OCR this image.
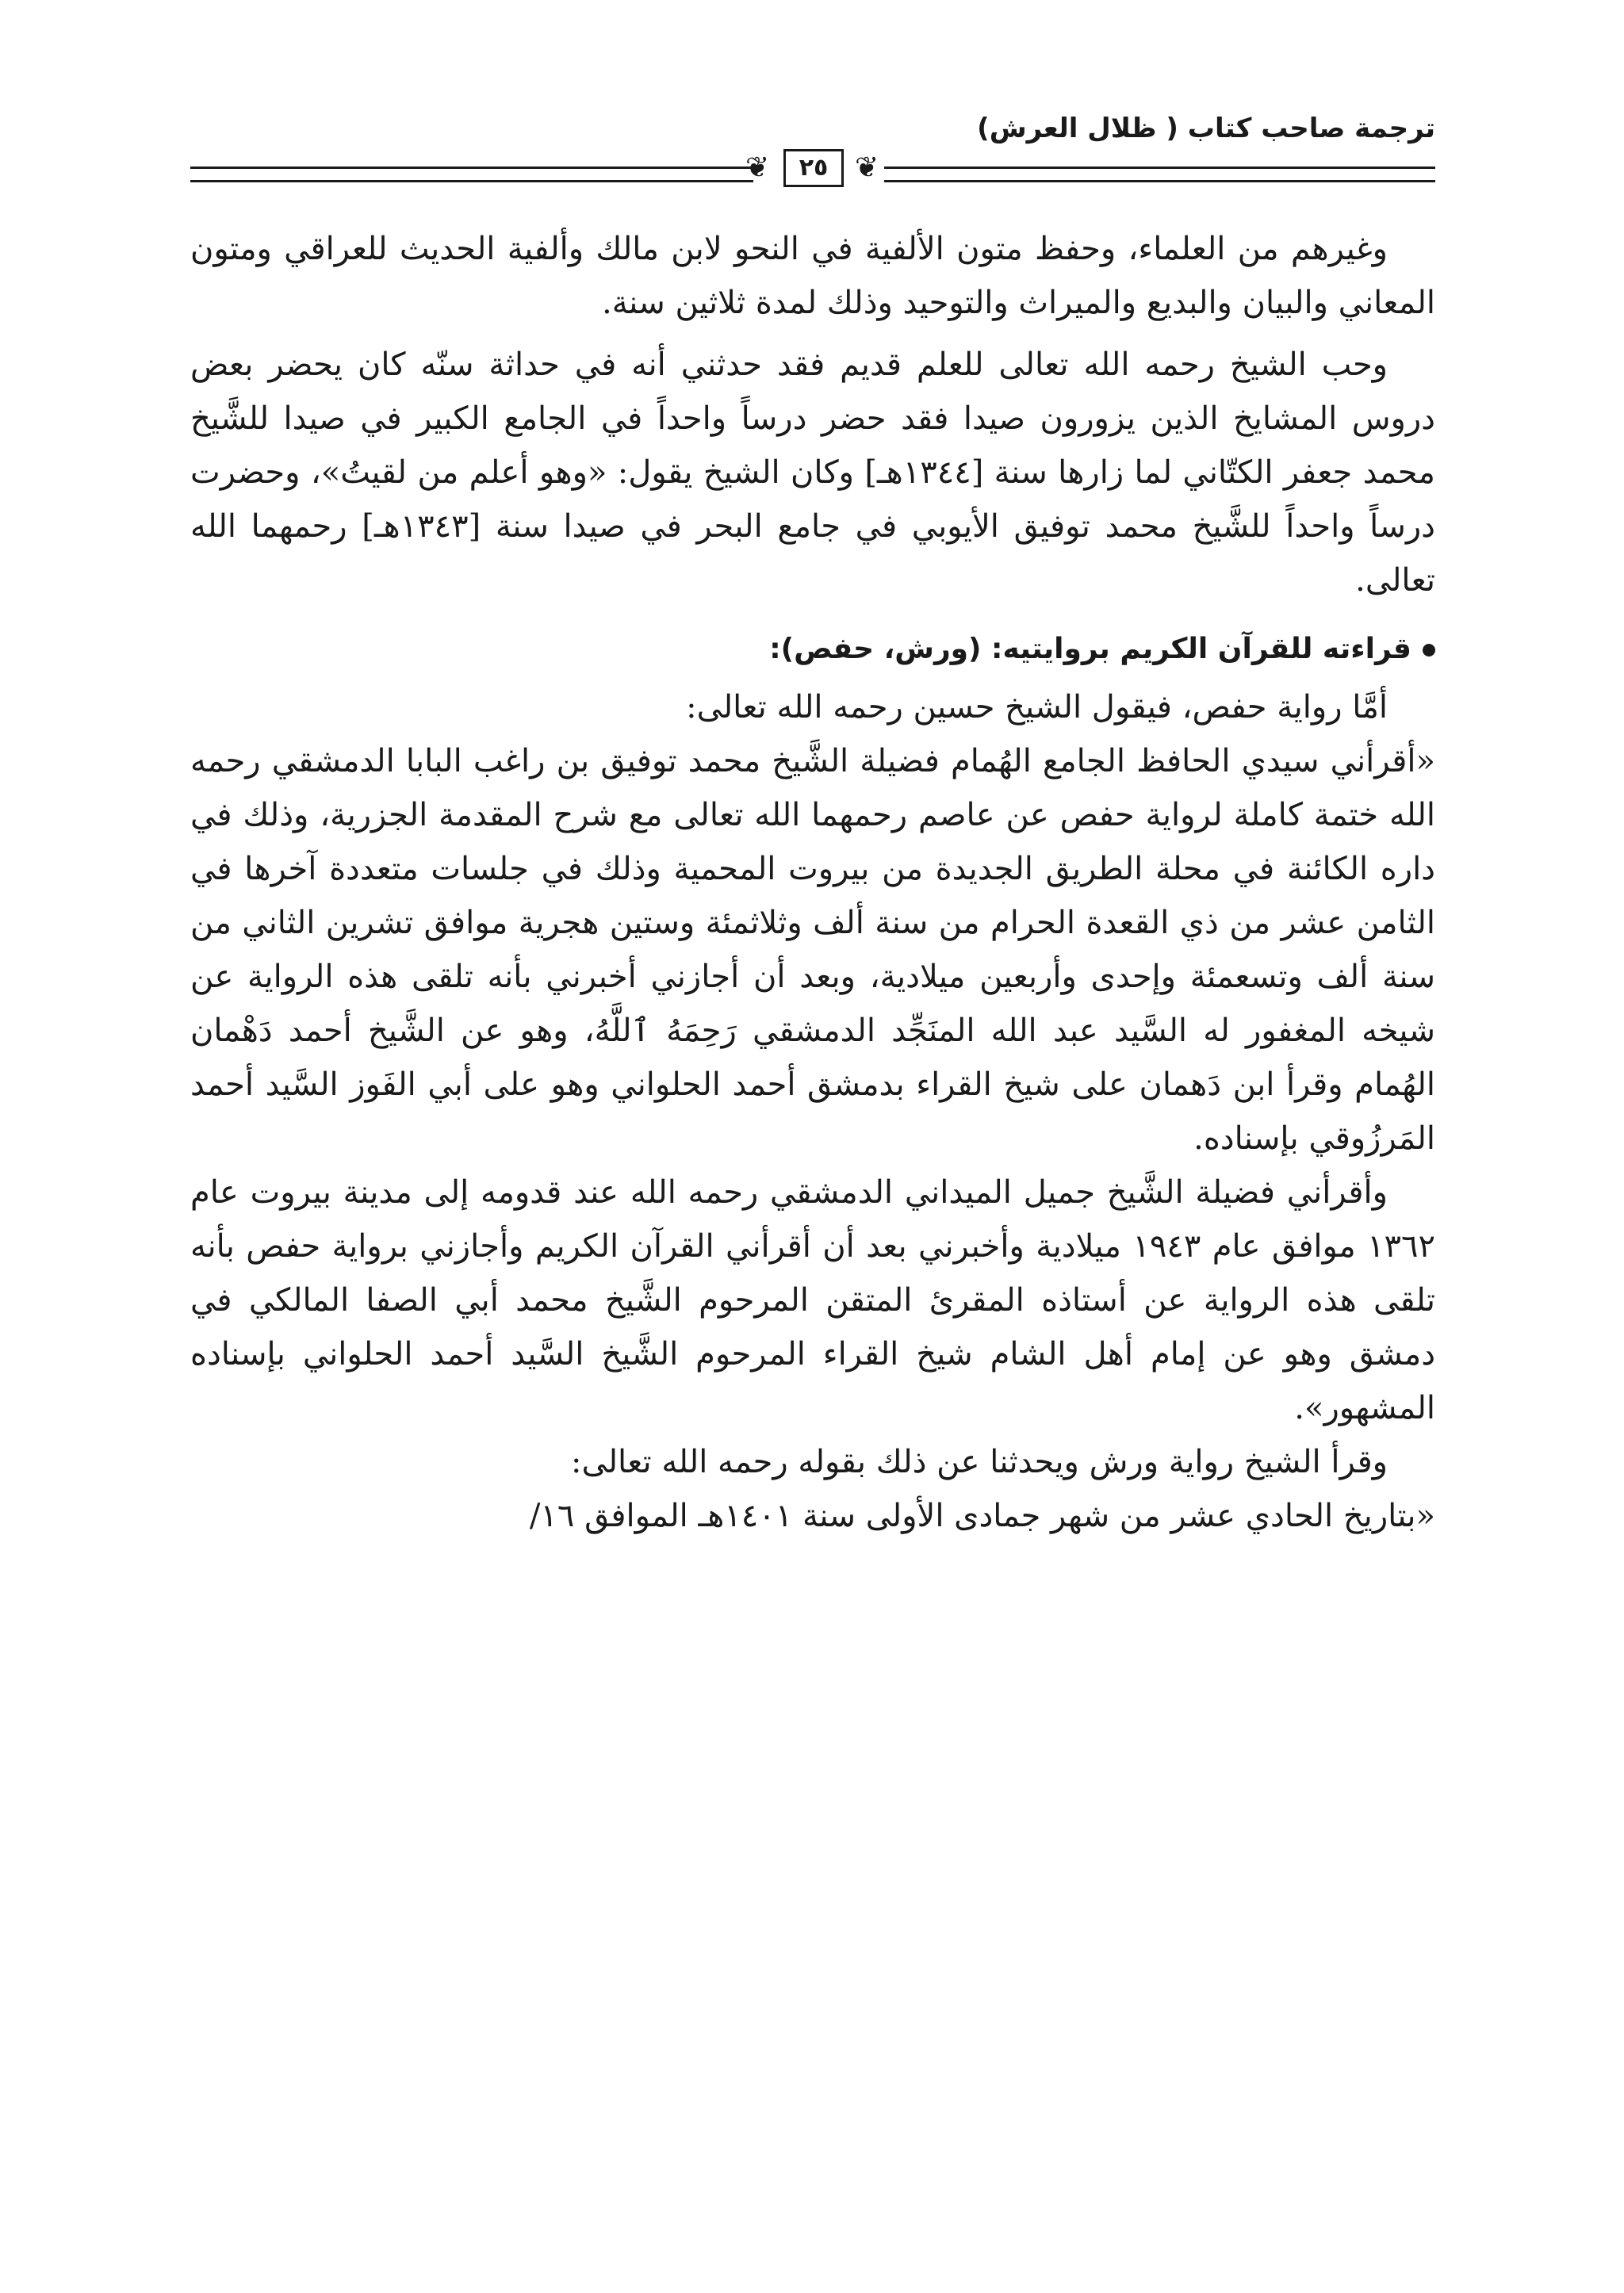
ترجمة صاحب كتاب ( ظلال العرش)
❦
٢٥
❦

وغيرهم من العلماء، وحفظ متون الألفية في النحو لابن مالك وألفية الحديث للعراقي ومتون المعاني والبيان والبديع والميراث والتوحيد وذلك لمدة ثلاثين سنة.

وحب الشيخ رحمه الله تعالى للعلم قديم فقد حدثني أنه في حداثة سنّه كان يحضر بعض دروس المشايخ الذين يزورون صيدا فقد حضر درساً واحداً في الجامع الكبير في صيدا للشَّيخ محمد جعفر الكتّاني لما زارها سنة [١٣٤٤هـ] وكان الشيخ يقول: «وهو أعلم من لقيتُ»، وحضرت درساً واحداً للشَّيخ محمد توفيق الأيوبي في جامع البحر في صيدا سنة [١٣٤٣هـ] رحمهما الله تعالى.

قراءته للقرآن الكريم بروايتيه: (ورش، حفص):

أمَّا رواية حفص، فيقول الشيخ حسين رحمه الله تعالى:

«أقرأني سيدي الحافظ الجامع الهُمام فضيلة الشَّيخ محمد توفيق بن راغب البابا الدمشقي رحمه الله ختمة كاملة لرواية حفص عن عاصم رحمهما الله تعالى مع شرح المقدمة الجزرية، وذلك في داره الكائنة في محلة الطريق الجديدة من بيروت المحمية وذلك في جلسات متعددة آخرها في الثامن عشر من ذي القعدة الحرام من سنة ألف وثلاثمئة وستين هجرية موافق تشرين الثاني من سنة ألف وتسعمئة وإحدى وأربعين ميلادية، وبعد أن أجازني أخبرني بأنه تلقى هذه الرواية عن شيخه المغفور له السَّيد عبد الله المنَجِّد الدمشقي رَحِمَهُ ٱللَّهُ، وهو عن الشَّيخ أحمد دَهْمان الهُمام وقرأ ابن دَهمان على شيخ القراء بدمشق أحمد الحلواني وهو على أبي الفَوز السَّيد أحمد المَرزُوقي بإسناده.

وأقرأني فضيلة الشَّيخ جميل الميداني الدمشقي رحمه الله عند قدومه إلى مدينة بيروت عام ١٣٦٢ موافق عام ١٩٤٣ ميلادية وأخبرني بعد أن أقرأني القرآن الكريم وأجازني برواية حفص بأنه تلقى هذه الرواية عن أستاذه المقرئ المتقن المرحوم الشَّيخ محمد أبي الصفا المالكي في دمشق وهو عن إمام أهل الشام شيخ القراء المرحوم الشَّيخ السَّيد أحمد الحلواني بإسناده المشهور».

وقرأ الشيخ رواية ورش ويحدثنا عن ذلك بقوله رحمه الله تعالى:

«بتاريخ الحادي عشر من شهر جمادى الأولى سنة ١٤٠١هـ الموافق ١٦/
